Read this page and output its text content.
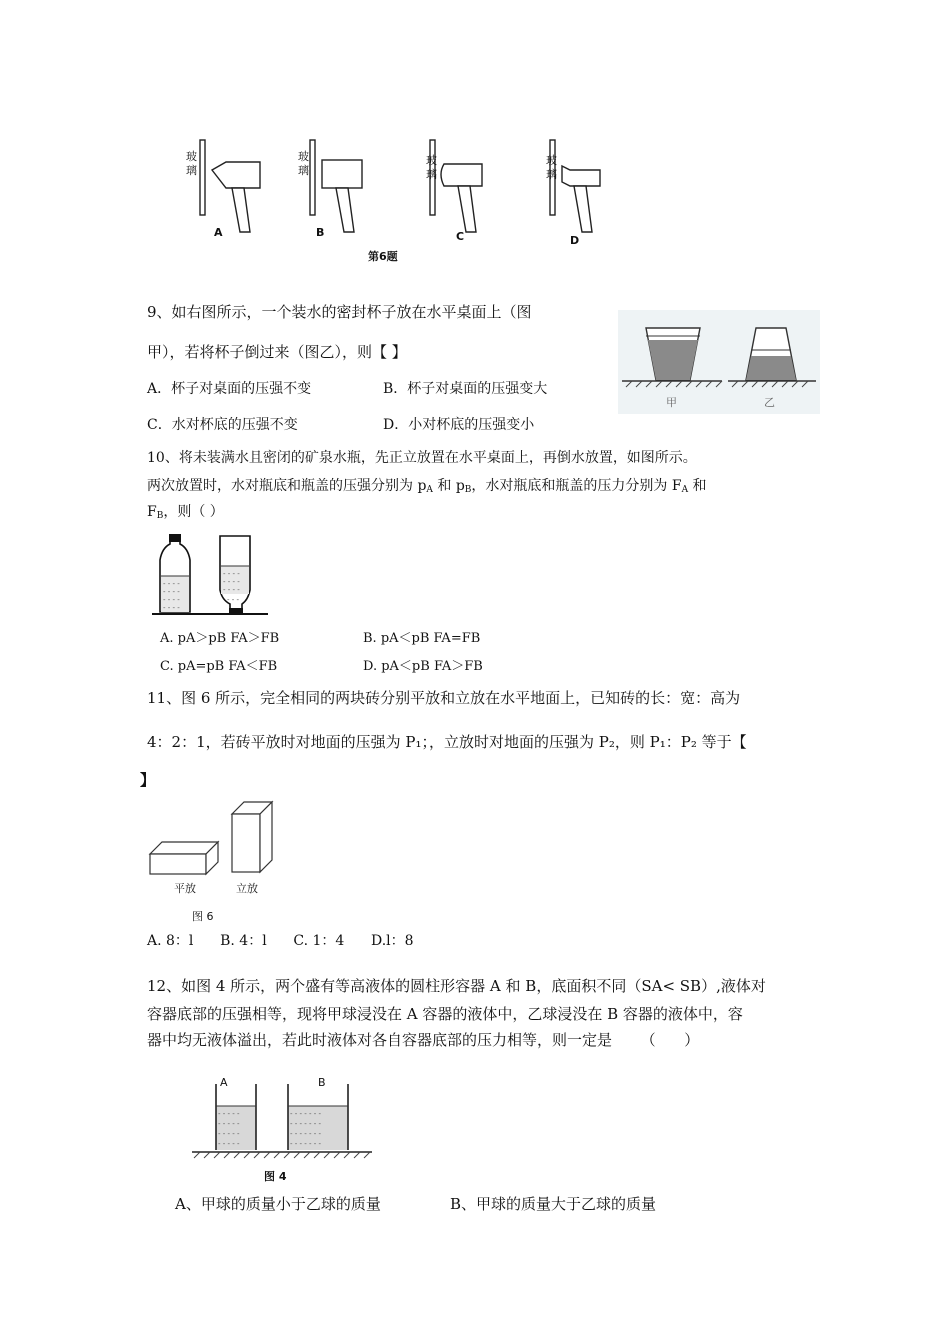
玻
璃
玻
璃
玻
璃
玻
璃
A	B	C	D
第6题
9、如右图所示，一个装水的密封杯子放在水平桌面上（图
甲），若将杯子倒过来（图乙），则【 】
A．杯子对桌面的压强不变	B．杯子对桌面的压强变大
C．水对杯底的压强不变	D．小对杯底的压强变小
甲	乙
10、将未装满水且密闭的矿泉水瓶，先正立放置在水平桌面上，再倒水放置，如图所示。
两次放置时，水对瓶底和瓶盖的压强分别为 $p_A$ 和 $p_B$，水对瓶底和瓶盖的压力分别为 $F_A$ 和
$F_B$，则（ ）
- - - -
- - - -
- - - -
- - - -
- - - -
- - - -
- - - -
- - -
A. pA＞pB FA＞FB	B. pA＜pB FA=FB
C. pA=pB FA＜FB	D. pA＜pB FA＞FB
11、图 6 所示，完全相同的两块砖分别平放和立放在水平地面上，已知砖的长：宽：高为
4：2：1，若砖平放时对地面的压强为 P₁；，立放时对地面的压强为 P₂，则 P₁：P₂ 等于【
】
平放	立放
图 6
A. 8：l      B. 4：l      C. 1：4      D.l：8
12、如图 4 所示，两个盛有等高液体的圆柱形容器 A 和 B，底面积不同（SA< SB）,液体对
容器底部的压强相等，现将甲球浸没在 A 容器的液体中，乙球浸没在 B 容器的液体中，容
器中均无液体溢出，若此时液体对各自容器底部的压力相等，则一定是      （      ）
- - - - -
- - - - -
- - - - -
- - - - -
- - - - - - -
- - - - - - -
- - - - - - -
- - - - - - -
A	B
图 4
A、甲球的质量小于乙球的质量	B、甲球的质量大于乙球的质量
